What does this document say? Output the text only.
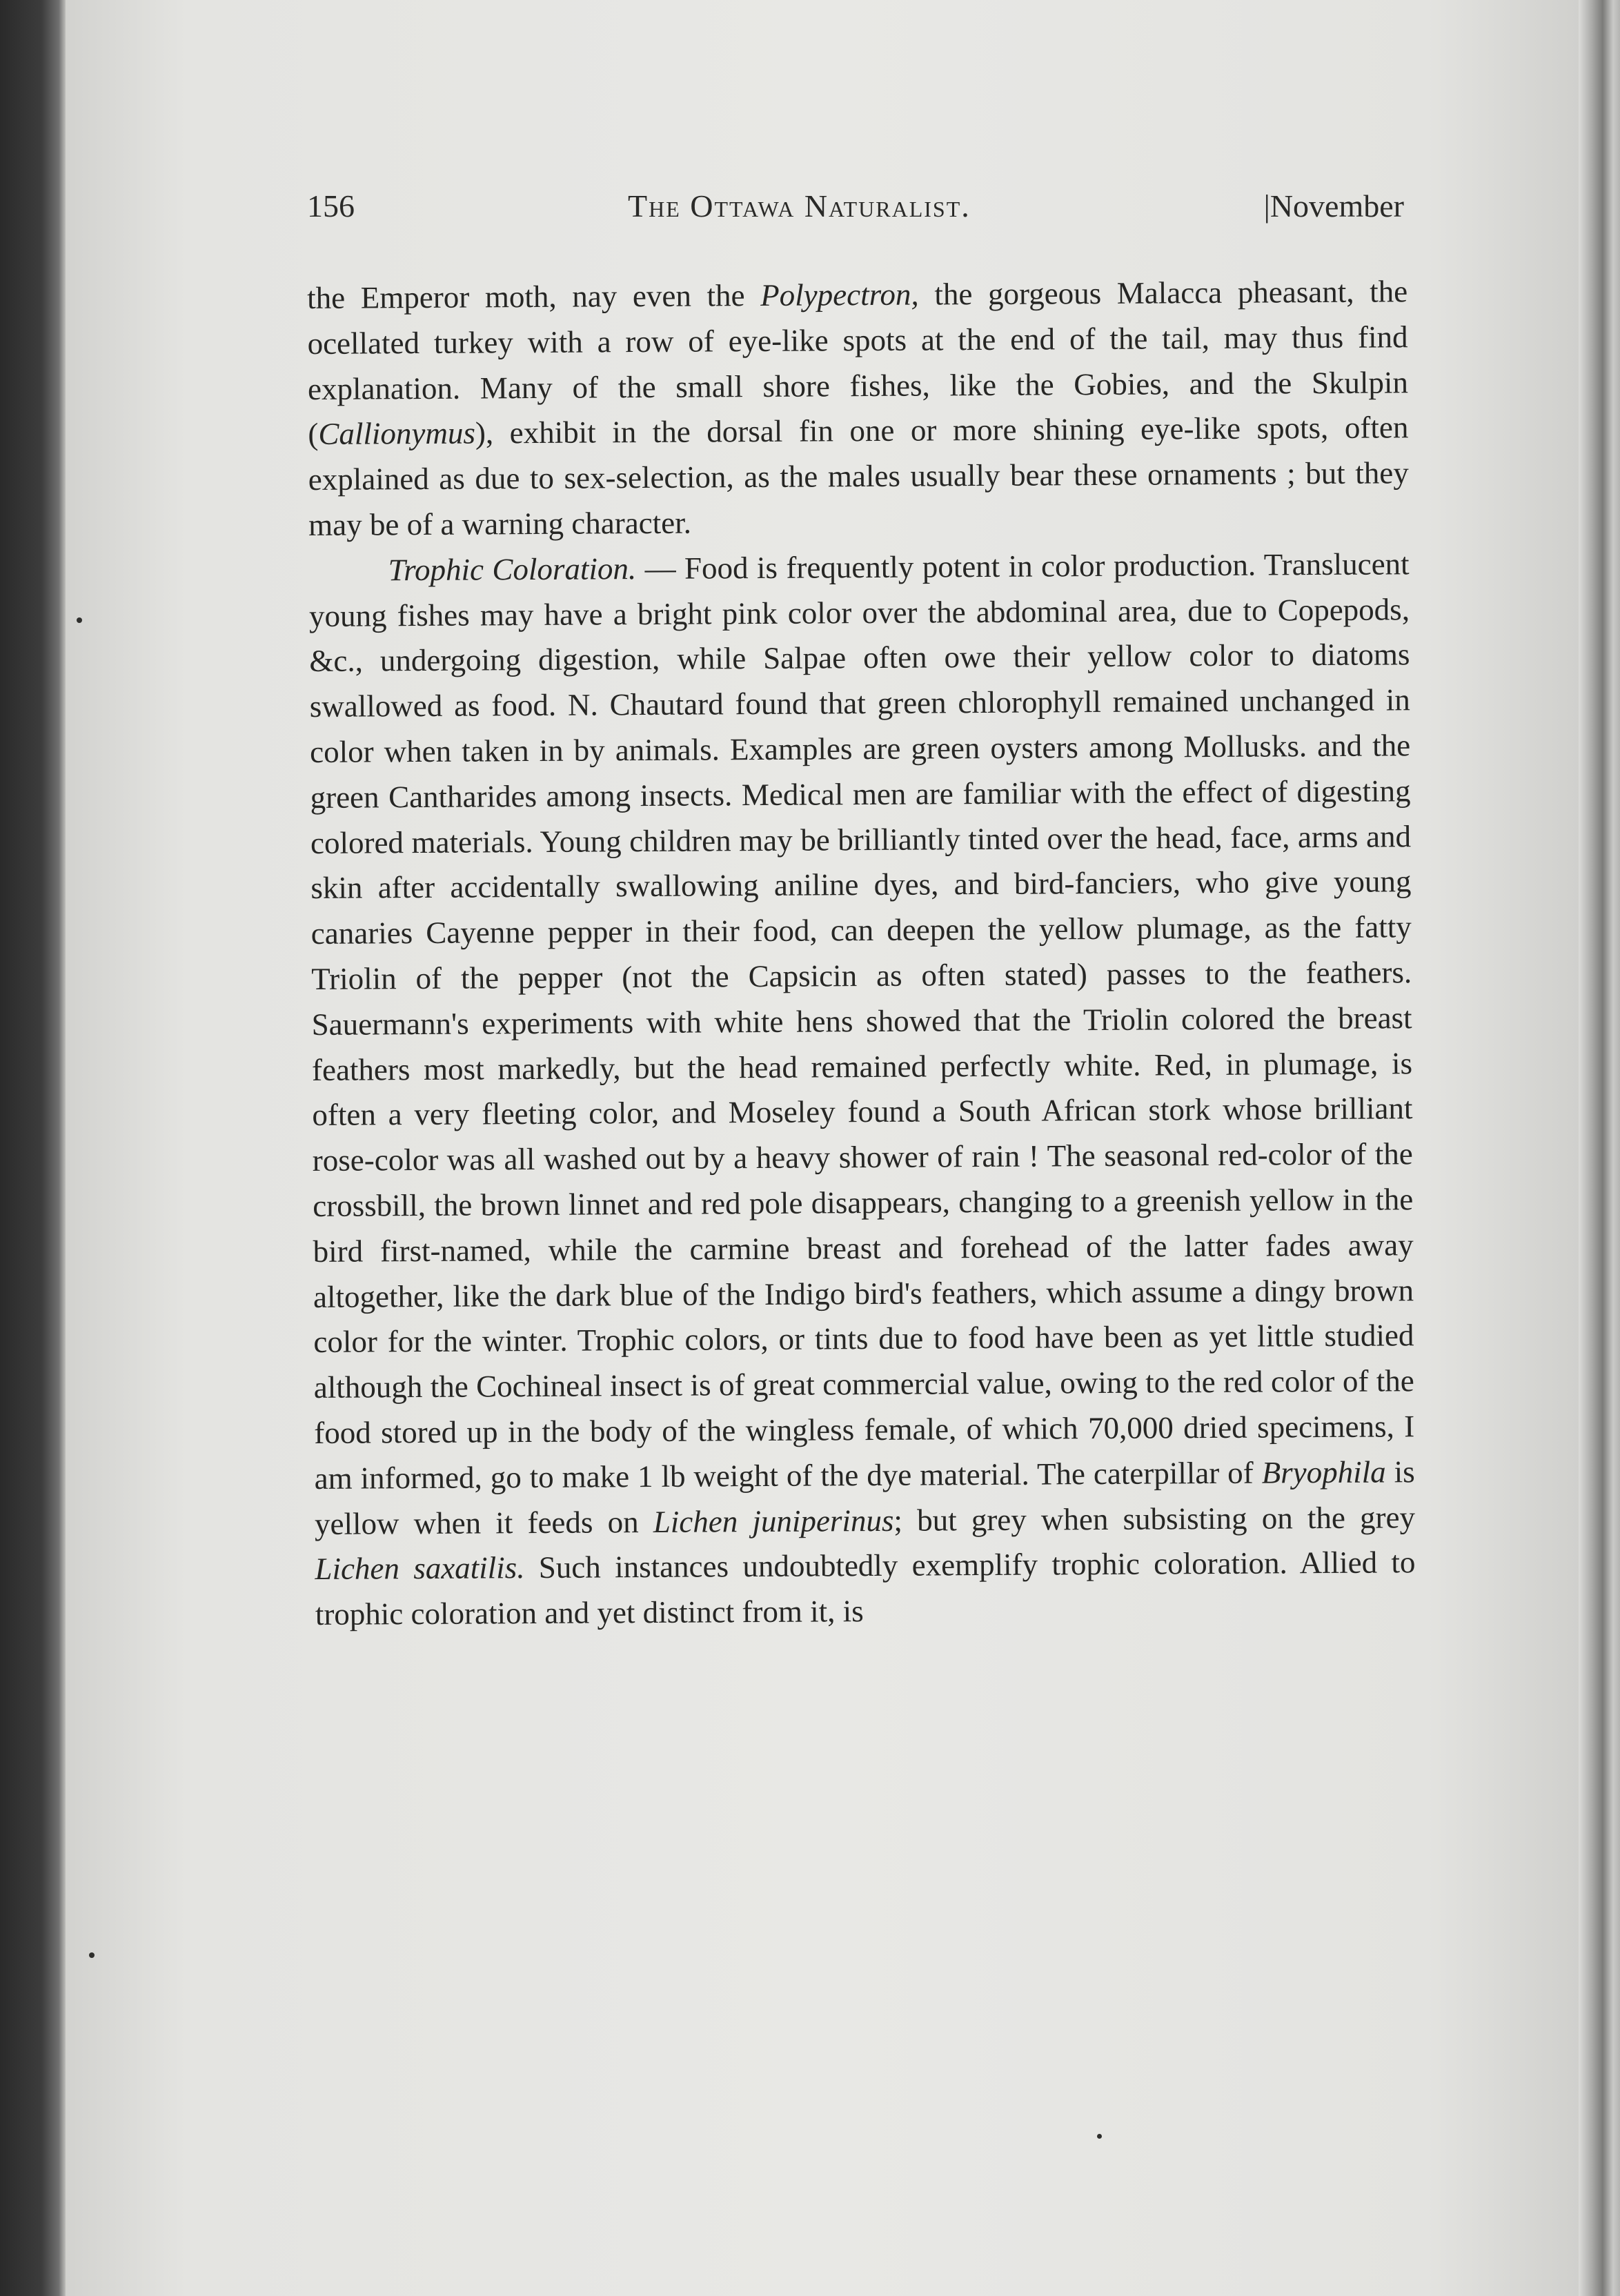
156	The Ottawa Naturalist.	|November

the Emperor moth, nay even the Polypectron, the gorgeous Malacca pheasant, the ocellated turkey with a row of eye-like spots at the end of the tail, may thus find explanation. Many of the small shore fishes, like the Gobies, and the Skulpin (Callionymus), exhibit in the dorsal fin one or more shining eye-like spots, often explained as due to sex-selection, as the males usually bear these ornaments ; but they may be of a warning character.

Trophic Coloration. — Food is frequently potent in color production. Translucent young fishes may have a bright pink color over the abdominal area, due to Copepods, &c., undergoing digestion, while Salpae often owe their yellow color to diatoms swallowed as food. N. Chautard found that green chlorophyll remained unchanged in color when taken in by animals. Examples are green oysters among Mollusks. and the green Cantharides among insects. Medical men are familiar with the effect of digesting colored materials. Young children may be brilliantly tinted over the head, face, arms and skin after accidentally swallowing aniline dyes, and bird-fanciers, who give young canaries Cayenne pepper in their food, can deepen the yellow plumage, as the fatty Triolin of the pepper (not the Capsicin as often stated) passes to the feathers. Sauermann's experiments with white hens showed that the Triolin colored the breast feathers most markedly, but the head remained perfectly white. Red, in plumage, is often a very fleeting color, and Moseley found a South African stork whose brilliant rose-color was all washed out by a heavy shower of rain ! The seasonal red-color of the crossbill, the brown linnet and red pole disappears, changing to a greenish yellow in the bird first-named, while the carmine breast and forehead of the latter fades away altogether, like the dark blue of the Indigo bird's feathers, which assume a dingy brown color for the winter. Trophic colors, or tints due to food have been as yet little studied although the Cochineal insect is of great commercial value, owing to the red color of the food stored up in the body of the wingless female, of which 70,000 dried specimens, I am informed, go to make 1 lb weight of the dye material. The caterpillar of Bryophila is yellow when it feeds on Lichen juniperinus; but grey when subsisting on the grey Lichen saxatilis. Such instances undoubtedly exemplify trophic coloration. Allied to trophic coloration and yet distinct from it, is
